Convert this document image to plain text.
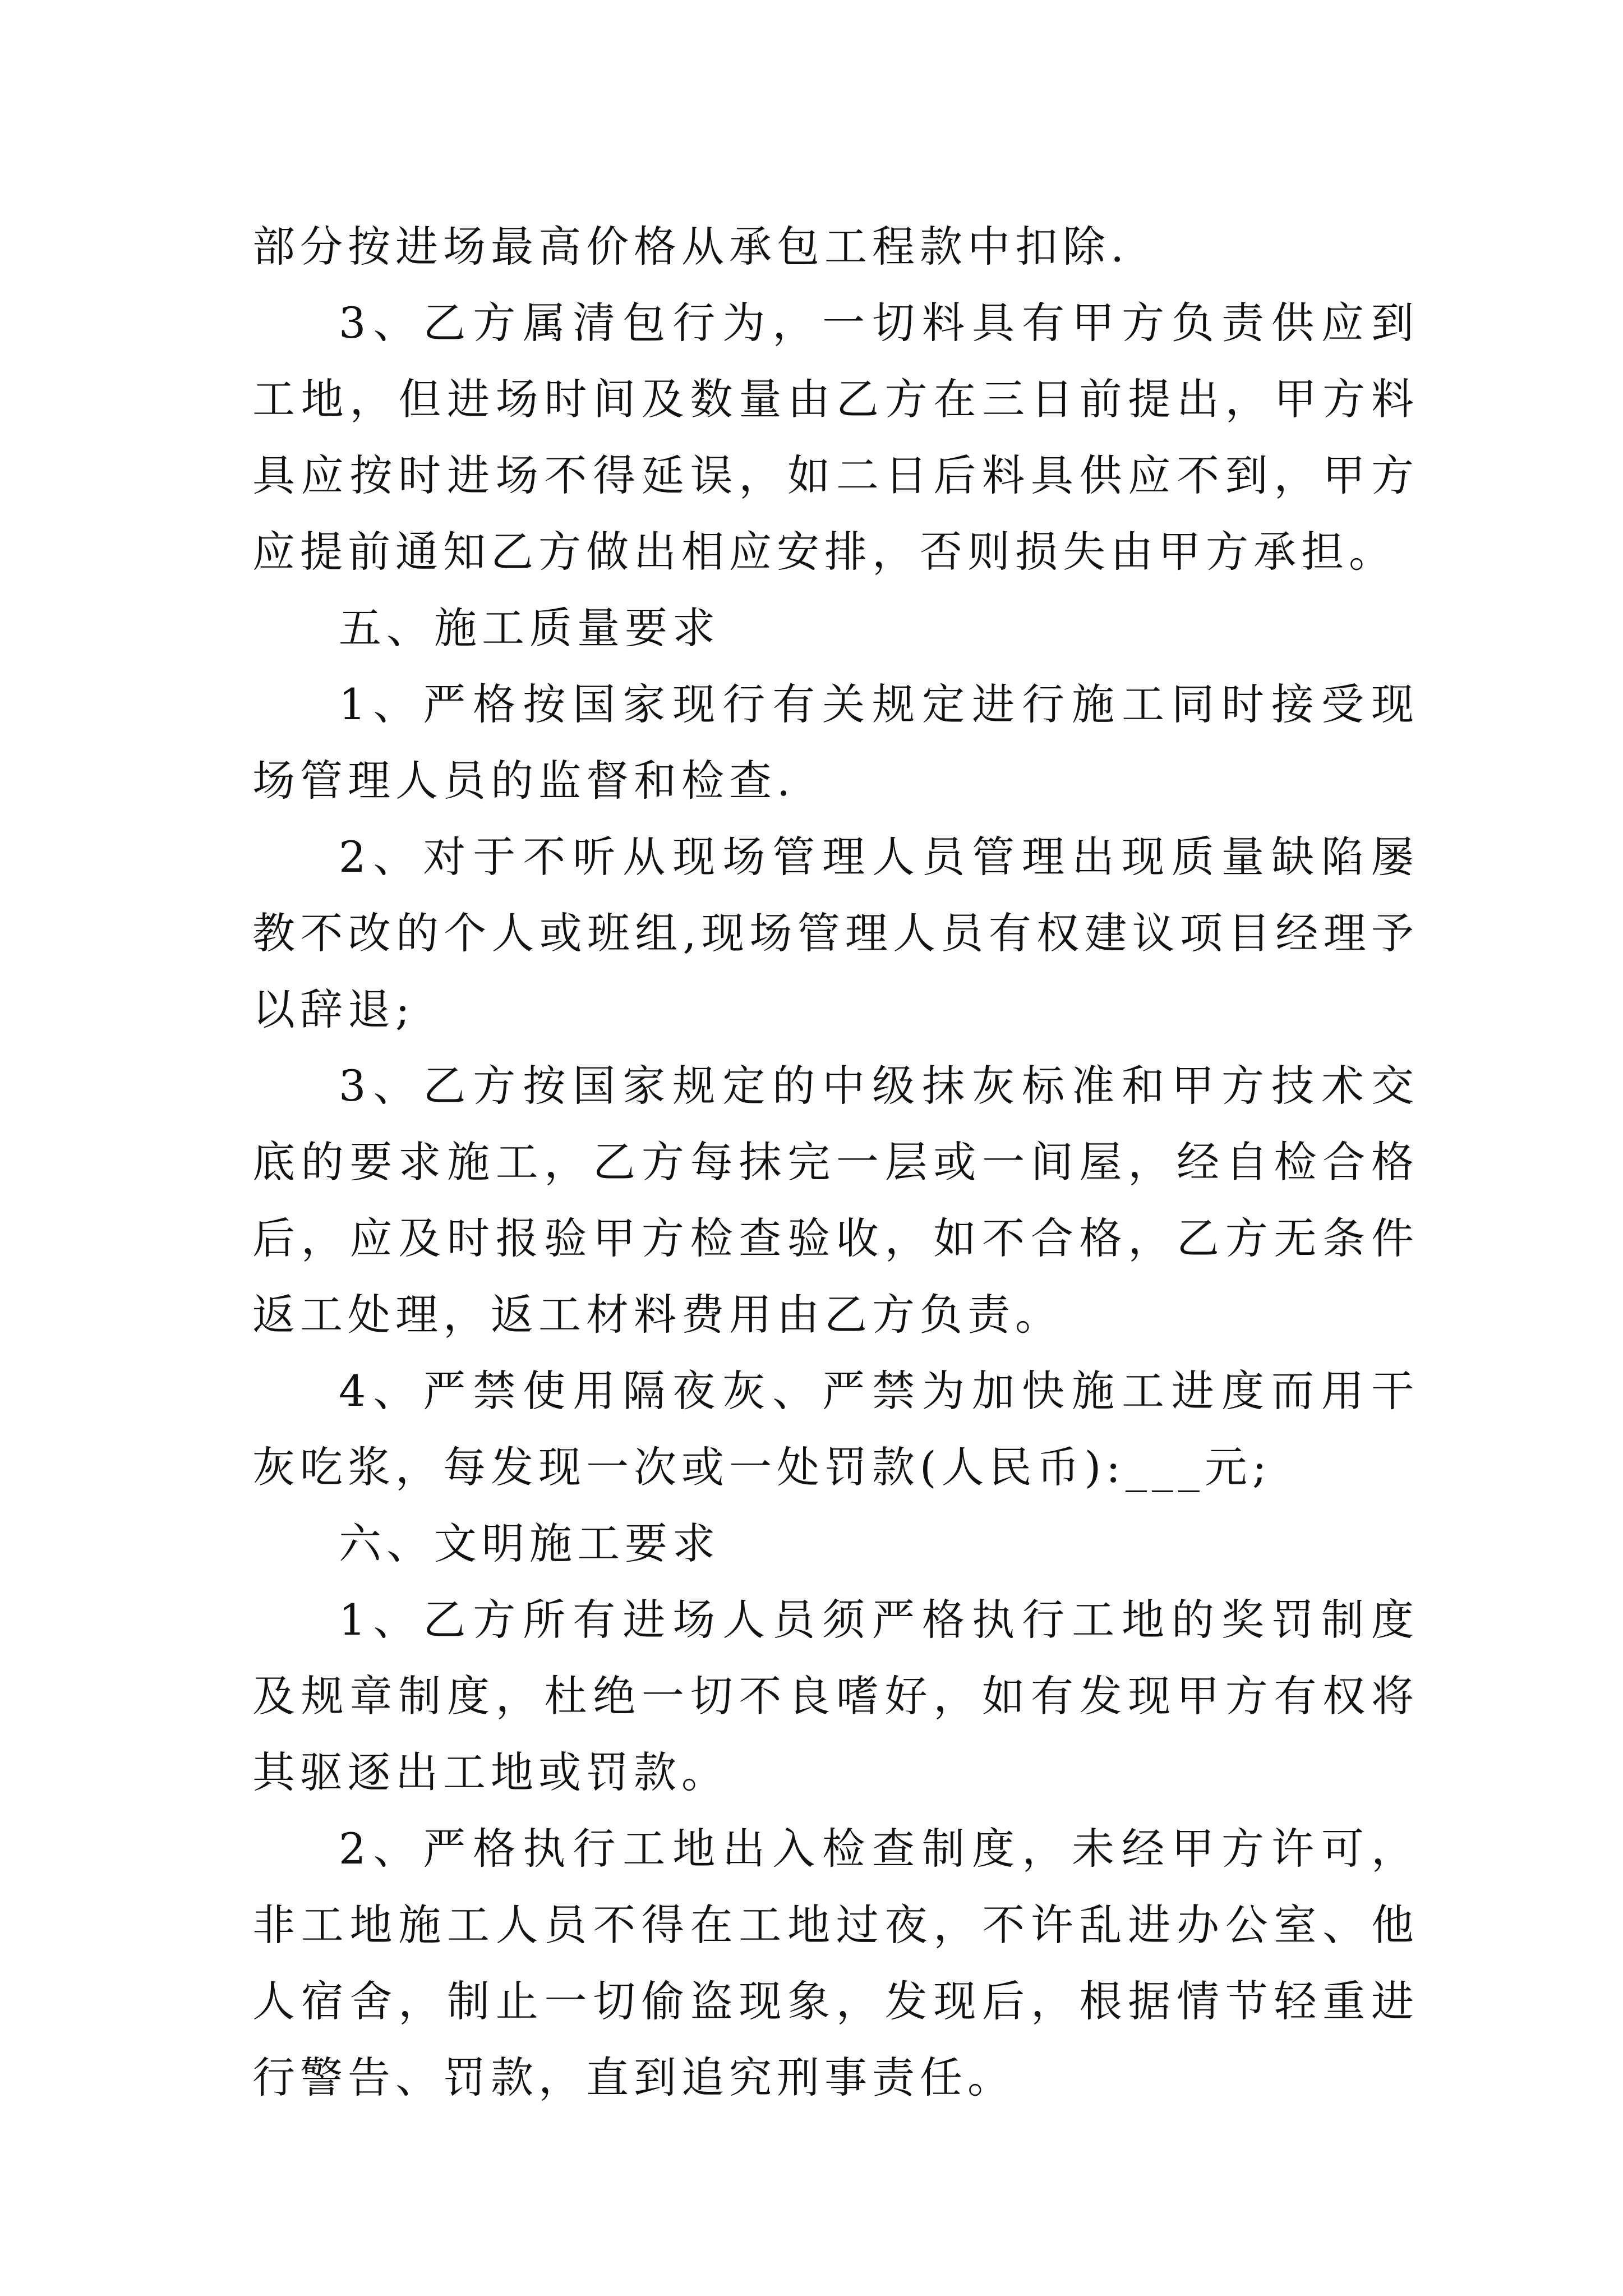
部分按进场最高价格从承包工程款中扣除.

3、乙方属清包行为，一切料具有甲方负责供应到工地，但进场时间及数量由乙方在三日前提出，甲方料具应按时进场不得延误，如二日后料具供应不到，甲方应提前通知乙方做出相应安排，否则损失由甲方承担。

五、施工质量要求

1、严格按国家现行有关规定进行施工同时接受现场管理人员的监督和检查.

2、对于不听从现场管理人员管理出现质量缺陷屡教不改的个人或班组,现场管理人员有权建议项目经理予以辞退;

3、乙方按国家规定的中级抹灰标准和甲方技术交底的要求施工，乙方每抹完一层或一间屋，经自检合格后，应及时报验甲方检查验收，如不合格，乙方无条件返工处理，返工材料费用由乙方负责。

4、严禁使用隔夜灰、严禁为加快施工进度而用干灰吃浆，每发现一次或一处罚款(人民币):___元;

六、文明施工要求

1、乙方所有进场人员须严格执行工地的奖罚制度及规章制度，杜绝一切不良嗜好，如有发现甲方有权将其驱逐出工地或罚款。

2、严格执行工地出入检查制度，未经甲方许可，非工地施工人员不得在工地过夜，不许乱进办公室、他人宿舍，制止一切偷盗现象，发现后，根据情节轻重进行警告、罚款，直到追究刑事责任。
